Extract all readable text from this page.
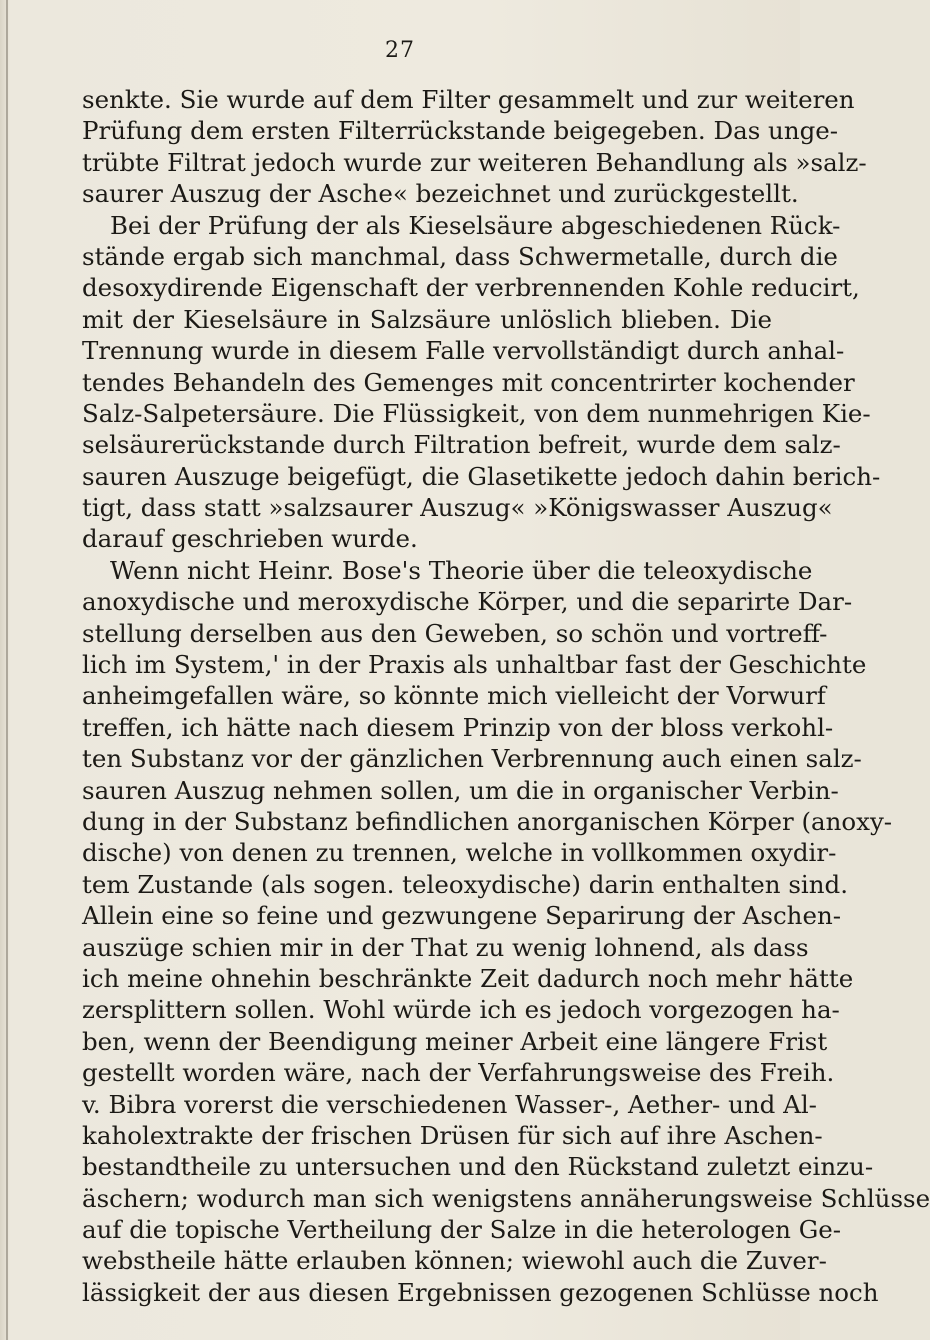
27
senkte. Sie wurde auf dem Filter gesammelt und zur weiteren
Prüfung dem ersten Filterrückstande beigegeben. Das unge-
trübte Filtrat jedoch wurde zur weiteren Behandlung als »salz-
saurer Auszug der Asche« bezeichnet und zurückgestellt.
Bei der Prüfung der als Kieselsäure abgeschiedenen Rück-
stände ergab sich manchmal, dass Schwermetalle, durch die
desoxydirende Eigenschaft der verbrennenden Kohle reducirt,
mit der Kieselsäure in Salzsäure unlöslich blieben. Die
Trennung wurde in diesem Falle vervollständigt durch anhal-
tendes Behandeln des Gemenges mit concentrirter kochender
Salz-Salpetersäure. Die Flüssigkeit, von dem nunmehrigen Kie-
selsäurerückstande durch Filtration befreit, wurde dem salz-
sauren Auszuge beigefügt, die Glasetikette jedoch dahin berich-
tigt, dass statt »salzsaurer Auszug« »Königswasser Auszug«
darauf geschrieben wurde.
Wenn nicht Heinr. Bose's Theorie über die teleoxydische
anoxydische und meroxydische Körper, und die separirte Dar-
stellung derselben aus den Geweben, so schön und vortreff-
lich im System,' in der Praxis als unhaltbar fast der Geschichte
anheimgefallen wäre, so könnte mich vielleicht der Vorwurf
treffen, ich hätte nach diesem Prinzip von der bloss verkohl-
ten Substanz vor der gänzlichen Verbrennung auch einen salz-
sauren Auszug nehmen sollen, um die in organischer Verbin-
dung in der Substanz befindlichen anorganischen Körper (anoxy-
dische) von denen zu trennen, welche in vollkommen oxydir-
tem Zustande (als sogen. teleoxydische) darin enthalten sind.
Allein eine so feine und gezwungene Separirung der Aschen-
auszüge schien mir in der That zu wenig lohnend, als dass
ich meine ohnehin beschränkte Zeit dadurch noch mehr hätte
zersplittern sollen. Wohl würde ich es jedoch vorgezogen ha-
ben, wenn der Beendigung meiner Arbeit eine längere Frist
gestellt worden wäre, nach der Verfahrungsweise des Freih.
v. Bibra vorerst die verschiedenen Wasser-, Aether- und Al-
kaholextrakte der frischen Drüsen für sich auf ihre Aschen-
bestandtheile zu untersuchen und den Rückstand zuletzt einzu-
äschern; wodurch man sich wenigstens annäherungsweise Schlüsse
auf die topische Vertheilung der Salze in die heterologen Ge-
webstheile hätte erlauben können; wiewohl auch die Zuver-
lässigkeit der aus diesen Ergebnissen gezogenen Schlüsse noch
